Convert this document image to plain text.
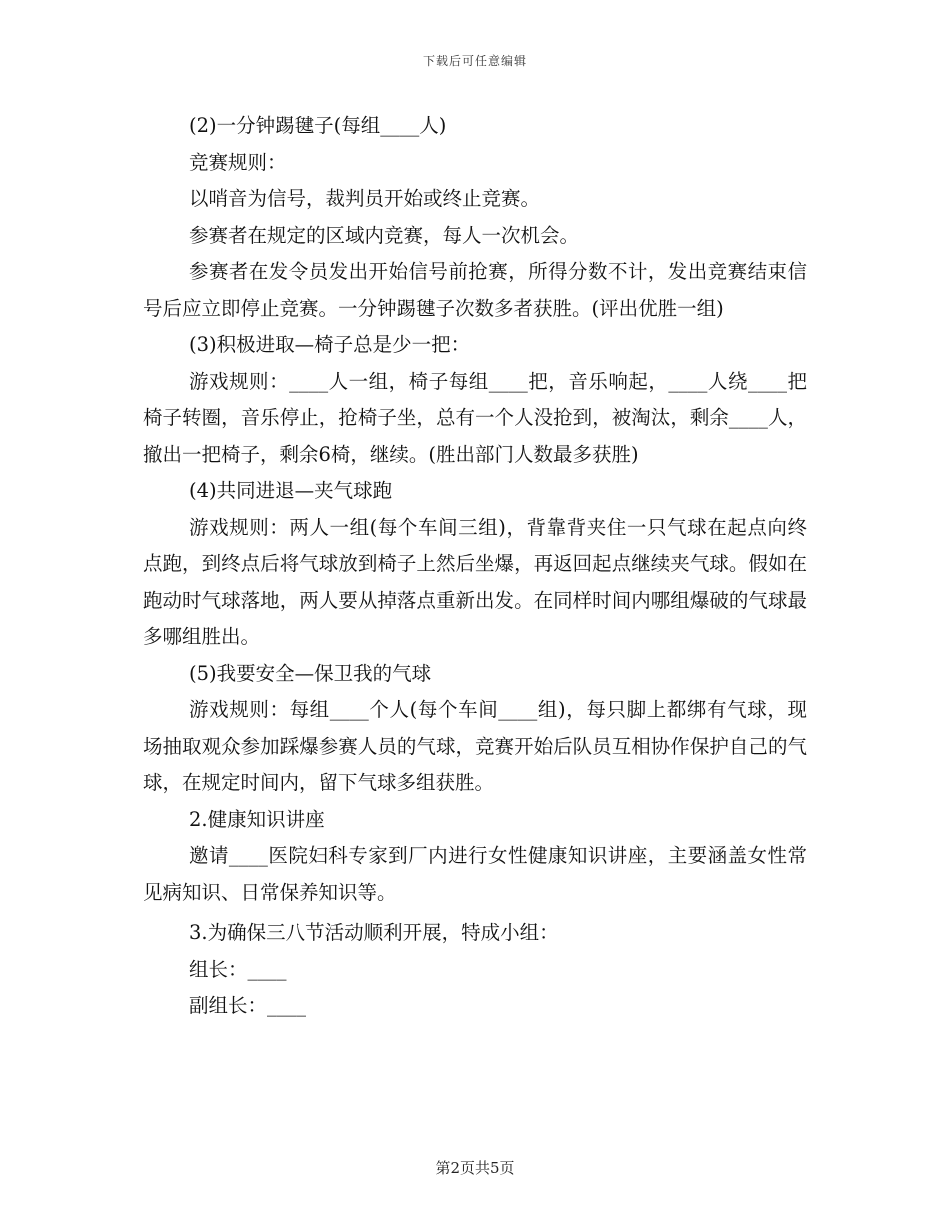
下载后可任意编辑

(2)一分钟踢毽子(每组____人)

竞赛规则：

以哨音为信号，裁判员开始或终止竞赛。

参赛者在规定的区域内竞赛，每人一次机会。

参赛者在发令员发出开始信号前抢赛，所得分数不计，发出竞赛结束信号后应立即停止竞赛。一分钟踢毽子次数多者获胜。(评出优胜一组)

(3)积极进取—椅子总是少一把：

游戏规则：____人一组，椅子每组____把，音乐响起，____人绕____把椅子转圈，音乐停止，抢椅子坐，总有一个人没抢到，被淘汰，剩余____人，撤出一把椅子，剩余6椅，继续。(胜出部门人数最多获胜)

(4)共同进退—夹气球跑

游戏规则：两人一组(每个车间三组)，背靠背夹住一只气球在起点向终点跑，到终点后将气球放到椅子上然后坐爆，再返回起点继续夹气球。假如在跑动时气球落地，两人要从掉落点重新出发。在同样时间内哪组爆破的气球最多哪组胜出。

(5)我要安全—保卫我的气球

游戏规则：每组____个人(每个车间____组)，每只脚上都绑有气球，现场抽取观众参加踩爆参赛人员的气球，竞赛开始后队员互相协作保护自己的气球，在规定时间内，留下气球多组获胜。

2.健康知识讲座

邀请____医院妇科专家到厂内进行女性健康知识讲座，主要涵盖女性常见病知识、日常保养知识等。

3.为确保三八节活动顺利开展，特成小组：

组长：____

副组长：____

第2页共5页
